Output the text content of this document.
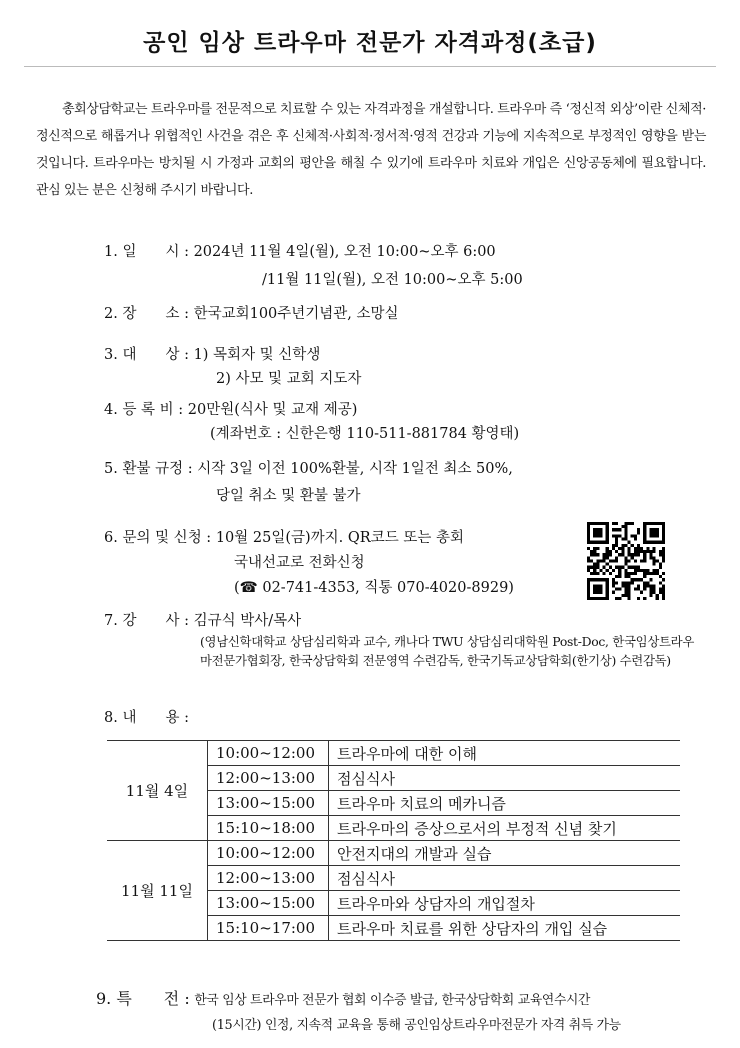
공인 임상 트라우마 전문가 자격과정(초급)

총회상담학교는 트라우마를 전문적으로 치료할 수 있는 자격과정을 개설합니다. 트라우마 즉 ‘정신적 외상’이란 신체적·정신적으로 해롭거나 위협적인 사건을 겪은 후 신체적·사회적·정서적·영적 건강과 기능에 지속적으로 부정적인 영향을 받는 것입니다. 트라우마는 방치될 시 가정과 교회의 평안을 해칠 수 있기에 트라우마 치료와 개입은 신앙공동체에 필요합니다. 관심 있는 분은 신청해 주시기 바랍니다.

1. 일　　시 : 2024년 11월 4일(월), 오전 10:00~오후 6:00
/11월 11일(월), 오전 10:00~오후 5:00
2. 장　　소 : 한국교회100주년기념관, 소망실
3. 대　　상 : 1) 목회자 및 신학생
2) 사모 및 교회 지도자
4. 등 록 비 : 20만원(식사 및 교재 제공)
(계좌번호 : 신한은행 110-511-881784 황영태)
5. 환불 규정 : 시작 3일 이전 100%환불, 시작 1일전 최소 50%,
당일 취소 및 환불 불가
6. 문의 및 신청 : 10월 25일(금)까지. QR코드 또는 총회
국내선교로 전화신청
(☎ 02-741-4353, 직통 070-4020-8929)
7. 강　　사 : 김규식 박사/목사
(영남신학대학교 상담심리학과 교수, 캐나다 TWU 상담심리대학원 Post-Doc, 한국임상트라우마전문가협회장, 한국상담학회 전문영역 수련감독, 한국기독교상담학회(한기상) 수련감독)
8. 내　　용 :
11월 4일	10:00~12:00	트라우마에 대한 이해
	12:00~13:00	점심식사
	13:00~15:00	트라우마 치료의 메카니즘
	15:10~18:00	트라우마의 증상으로서의 부정적 신념 찾기
11월 11일	10:00~12:00	안전지대의 개발과 실습
	12:00~13:00	점심식사
	13:00~15:00	트라우마와 상담자의 개입절차
	15:10~17:00	트라우마 치료를 위한 상담자의 개입 실습
9. 특　　전 : 한국 임상 트라우마 전문가 협회 이수증 발급, 한국상담학회 교육연수시간
(15시간) 인정, 지속적 교육을 통해 공인임상트라우마전문가 자격 취득 가능
